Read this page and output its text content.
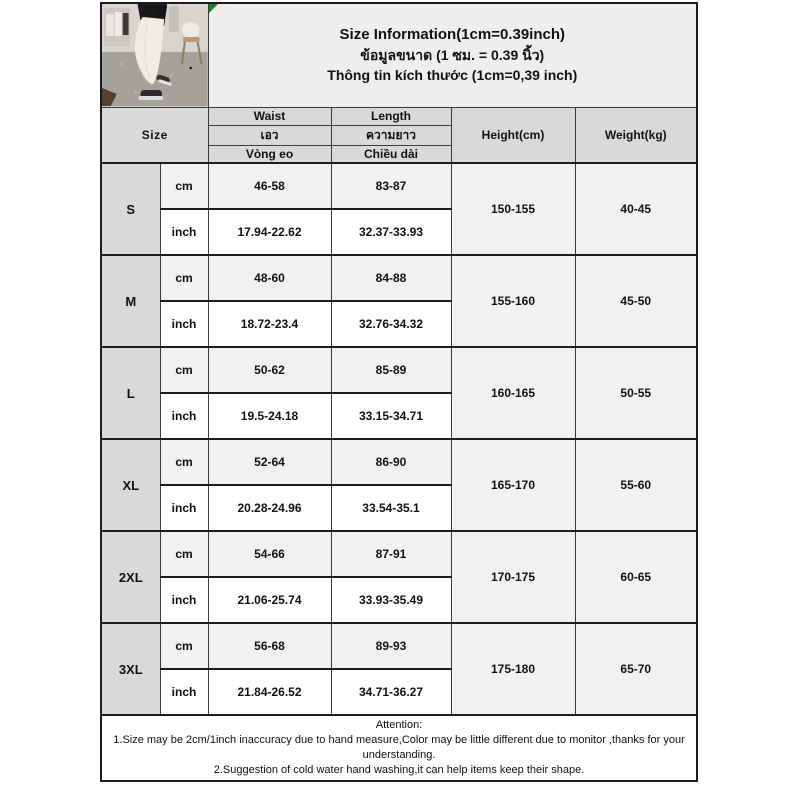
Size Information(1cm=0.39inch)
ข้อมูลขนาด (1 ซม. = 0.39 นิ้ว)
Thông tin kích thước (1cm=0,39 inch)			

Size		Waist	Length	Height(cm)	Weight(kg)
		เอว	ความยาว		
		Vòng eo	Chiều dài		
S	cm	46-58	83-87	150-155	40-45
	inch	17.94-22.62	32.37-33.93		
M	cm	48-60	84-88	155-160	45-50
	inch	18.72-23.4	32.76-34.32		
L	cm	50-62	85-89	160-165	50-55
	inch	19.5-24.18	33.15-34.71		
XL	cm	52-64	86-90	165-170	55-60
	inch	20.28-24.96	33.54-35.1		
2XL	cm	54-66	87-91	170-175	60-65
	inch	21.06-25.74	33.93-35.49		
3XL	cm	56-68	89-93	175-180	65-70
	inch	21.84-26.52	34.71-36.27		

Attention:
1.Size may be 2cm/1inch inaccuracy due to hand measure,Color may be little different due to monitor ,thanks for your understanding.
2.Suggestion of cold water hand washing,it can help items keep their shape.					
